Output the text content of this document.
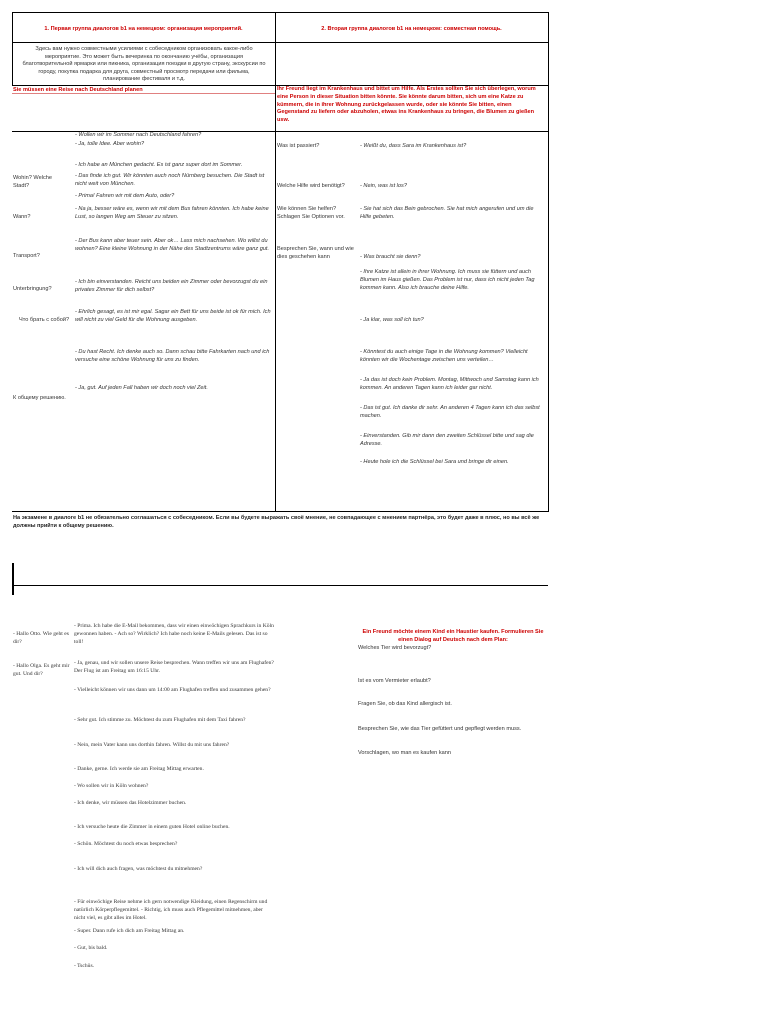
1. Первая группа диалогов b1 на немецком: организация мероприятий.	2. Вторая группа диалогов b1 на немецком: совместная помощь.
Здесь вам нужно совместными усилиями с собеседником организовать какое-либо мероприятие. Это может быть вечеринка по окончанию учёбы, организация благотворительной ярмарки или пикника, организация поездки в другую страну, экскурсии по городу, покупка подарка для друга, совместный просмотр передачи или фильма, планирование фестиваля и т.д.
Sie müssen eine Reise nach Deutschland planen	Ihr Freund liegt im Krankenhaus und bittet um Hilfe. Als Erstes sollten Sie sich überlegen, worum eine Person in dieser Situation bitten könnte. Sie könnte darum bitten, sich um eine Katze zu kümmern, die in ihrer Wohnung zurückgelassen wurde, oder sie könnte Sie bitten, einen Gegenstand zu liefern oder abzuholen, etwas ins Krankenhaus zu bringen, die Blumen zu gießen usw.
Wohin? Welche Stadt?
Wann?
Transport?
Unterbringung?
Что брать с собой?
К общему решению.
- Wollen wir im Sommer nach Deutschland fahren?
- Ja, tolle Idee. Aber wohin?
- Ich habe an München gedacht. Es ist ganz super dort im Sommer.
- Das finde ich gut. Wir könnten auch noch Nürnberg besuchen. Die Stadt ist nicht weit von München.
- Prima! Fahren wir mit dem Auto, oder?
- Na ja, besser wäre es, wenn wir mit dem Bus fahren könnten. Ich habe keine Lust, so langen Weg am Steuer zu sitzen.
- Der Bus kann aber teuer sein. Aber ok… Lass mich nachsehen. Wo willst du wohnen? Eine kleine Wohnung in der Nähe des Stadtzentrums wäre ganz gut.
- Ich bin einverstanden. Reicht uns beiden ein Zimmer oder bevorzugst du ein privates Zimmer für dich selbst?
- Ehrlich gesagt, es ist mir egal. Sagar ein Bett für uns beide ist ok für mich. Ich will nicht zu viel Geld für die Wohnung ausgeben.
- Du hast Recht. Ich denke auch so. Dann schau bitte Fahrkarten nach und ich versuche eine schöne Wohnung für uns zu finden.
- Ja, gut. Auf jeden Fall haben wir doch noch viel Zeit.
Was ist passiert?
Welche Hilfe wird benötigt?
Wie können Sie helfen? Schlagen Sie Optionen vor.
Besprechen Sie, wann und wie dies geschehen kann
- Weißt du, dass Sara im Krankenhaus ist?
- Nein, was ist los?
- Sie hat sich das Bein gebrochen. Sie hat mich angerufen und um die Hilfe gebeten.
- Was braucht sie denn?
- Ihre Katze ist allein in ihrer Wohnung. Ich muss sie füttern und auch Blumen im Haus gießen. Das Problem ist nur, dass ich nicht jeden Tag kommen kann. Also ich brauche deine Hilfe.
- Ja klar, was soll ich tun?
- Könntest du auch einige Tage in die Wohnung kommen? Vielleicht könnten wir die Wochentage zwischen uns verteilen…
- Ja das ist doch kein Problem. Montag, Mittwoch und Samstag kann ich kommen. An anderen Tagen kann ich leider gar nicht.
- Das ist gut. Ich danke dir sehr. An anderen 4 Tagen kann ich das selbst machen.
- Einverstanden. Gib mir dann den zweiten Schlüssel bitte und sag die Adresse.
- Heute hole ich die Schlüssel bei Sara und bringe dir einen.
На экзамене в диалоге b1 не обязательно соглашаться с собеседником. Если вы будете выражать своё мнение, не совпадающее с мнением партнёра, это будет даже в плюс, но вы всё же должны прийти к общему решению.
- Hallo Otto. Wie geht es dir?
- Hallo Olga. Es geht mir gut. Und dir?
- Prima. Ich habe die E-Mail bekommen, dass wir einen einwöchigen Sprachkurs in Köln gewonnen haben. - Ach so? Wirklich? Ich habe noch keine E-Mails gelesen. Das ist so toll!
- Ja, genau, und wir sollen unsere Reise besprechen. Wann treffen wir uns am Flughafen? Der Flug ist am Freitag um 16:15 Uhr.
- Vielleicht können wir uns dann um 14:00 am Flughafen treffen und zusammen gehen?
- Sehr gut. Ich stimme zu. Möchtest du zum Flughafen mit dem Taxi fahren?
- Nein, mein Vater kann uns dorthin fahren. Willst du mit uns fahren?
- Danke, gerne. Ich werde sie am Freitag Mittag erwarten.
- Wo sollen wir in Köln wohnen?
- Ich denke, wir müssen das Hotelzimmer buchen.
- Ich versuche heute die Zimmer in einem guten Hotel online buchen.
- Schön. Möchtest du noch etwas besprechen?
- Ich will dich auch fragen, was möchtest du mitnehmen?
- Für einwöchige Reise nehme ich gern notwendige Kleidung, einen Regenschirm und natürlich Körperpflegemittel. - Richtig, ich muss auch Pflegemittel mitnehmen, aber nicht viel, es gibt alles im Hotel.
- Super. Dann rufe ich dich am Freitag Mittag an.
- Gut, bis bald.
- Tschüs.
Ein Freund möchte einem Kind ein Haustier kaufen. Formulieren Sie einen Dialog auf Deutsch nach dem Plan:
Welches Tier wird bevorzugt?
Ist es vom Vermieter erlaubt?
Fragen Sie, ob das Kind allergisch ist.
Besprechen Sie, wie das Tier gefüttert und gepflegt werden muss.
Vorschlagen, wo man es kaufen kann
